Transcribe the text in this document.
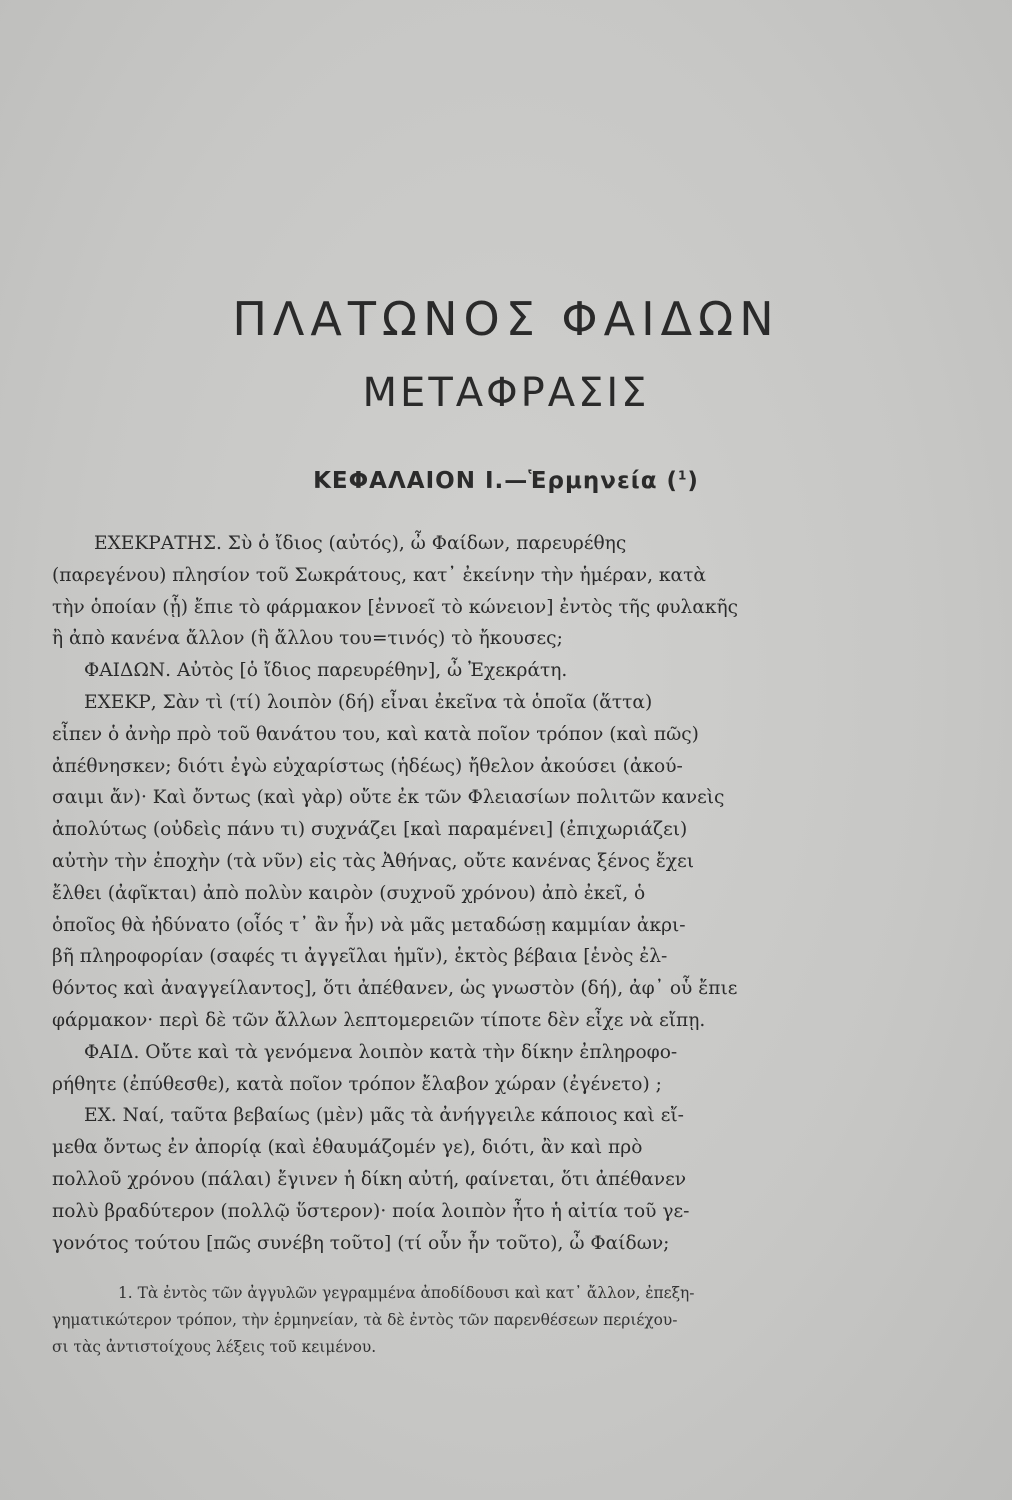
ΠΛΑΤΩΝΟΣ ΦΑΙΔΩΝ
ΜΕΤΑΦΡΑΣΙΣ
ΚΕΦΑΛΑΙΟΝ Ι.—Ἑρμηνεία ($^1$)
ΕΧΕΚΡΑΤΗΣ. Σὺ ὁ ἴδιος (αὐτός), ὦ Φαίδων, παρευρέθης
(παρεγένου) πλησίον τοῦ Σωκράτους, κατ᾽ ἐκείνην τὴν ἡμέραν, κατὰ
τὴν ὁποίαν (ᾗ) ἔπιε τὸ φάρμακον [ἐννοεῖ τὸ κώνειον] ἐντὸς τῆς φυλακῆς
ἢ ἀπὸ κανένα ἄλλον (ἢ ἄλλου του=τινός) τὸ ἤκουσες;
ΦΑΙΔΩΝ. Αὐτὸς [ὁ ἴδιος παρευρέθην], ὦ Ἐχεκράτη.
ΕΧΕΚΡ, Σὰν τὶ (τί) λοιπὸν (δή) εἶναι ἐκεῖνα τὰ ὁποῖα (ἅττα)
εἶπεν ὁ ἀνὴρ πρὸ τοῦ θανάτου του, καὶ κατὰ ποῖον τρόπον (καὶ πῶς)
ἀπέθνησκεν; διότι ἐγὼ εὐχαρίστως (ἡδέως) ἤθελον ἀκούσει (ἀκού-
σαιμι ἄν)· Καὶ ὄντως (καὶ γὰρ) οὔτε ἐκ τῶν Φλειασίων πολιτῶν κανεὶς
ἀπολύτως (οὐδεὶς πάνυ τι) συχνάζει [καὶ παραμένει] (ἐπιχωριάζει)
αὐτὴν τὴν ἐποχὴν (τὰ νῦν) εἰς τὰς Ἀθήνας, οὔτε κανένας ξένος ἔχει
ἔλθει (ἀφῖκται) ἀπὸ πολὺν καιρὸν (συχνοῦ χρόνου) ἀπὸ ἐκεῖ, ὁ
ὁποῖος θὰ ἠδύνατο (οἷός τ᾽ ἂν ἦν) νὰ μᾶς μεταδώσῃ καμμίαν ἀκρι-
βῆ πληροφορίαν (σαφές τι ἀγγεῖλαι ἡμῖν), ἐκτὸς βέβαια [ἑνὸς ἐλ-
θόντος καὶ ἀναγγείλαντος], ὅτι ἀπέθανεν, ὡς γνωστὸν (δή), ἀφ᾽ οὗ ἔπιε
φάρμακον· περὶ δὲ τῶν ἄλλων λεπτομερειῶν τίποτε δὲν εἶχε νὰ εἴπῃ.
ΦΑΙΔ. Οὔτε καὶ τὰ γενόμενα λοιπὸν κατὰ τὴν δίκην ἐπληροφο-
ρήθητε (ἐπύθεσθε), κατὰ ποῖον τρόπον ἔλαβον χώραν (ἐγένετο) ;
ΕΧ. Ναί, ταῦτα βεβαίως (μὲν) μᾶς τὰ ἀνήγγειλε κάποιος καὶ εἴ-
μεθα ὄντως ἐν ἀπορίᾳ (καὶ ἐθαυμάζομέν γε), διότι, ἂν καὶ πρὸ
πολλοῦ χρόνου (πάλαι) ἔγινεν ἡ δίκη αὐτή, φαίνεται, ὅτι ἀπέθανεν
πολὺ βραδύτερον (πολλῷ ὕστερον)· ποία λοιπὸν ἦτο ἡ αἰτία τοῦ γε-
γονότος τούτου [πῶς συνέβη τοῦτο] (τί οὖν ἦν τοῦτο), ὦ Φαίδων;
1. Τὰ ἐντὸς τῶν ἀγγυλῶν γεγραμμένα ἀποδίδουσι καὶ κατ᾽ ἄλλον, ἐπεξη-
γηματικώτερον τρόπον, τὴν ἑρμηνείαν, τὰ δὲ ἐντὸς τῶν παρενθέσεων περιέχου-
σι τὰς ἀντιστοίχους λέξεις τοῦ κειμένου.
